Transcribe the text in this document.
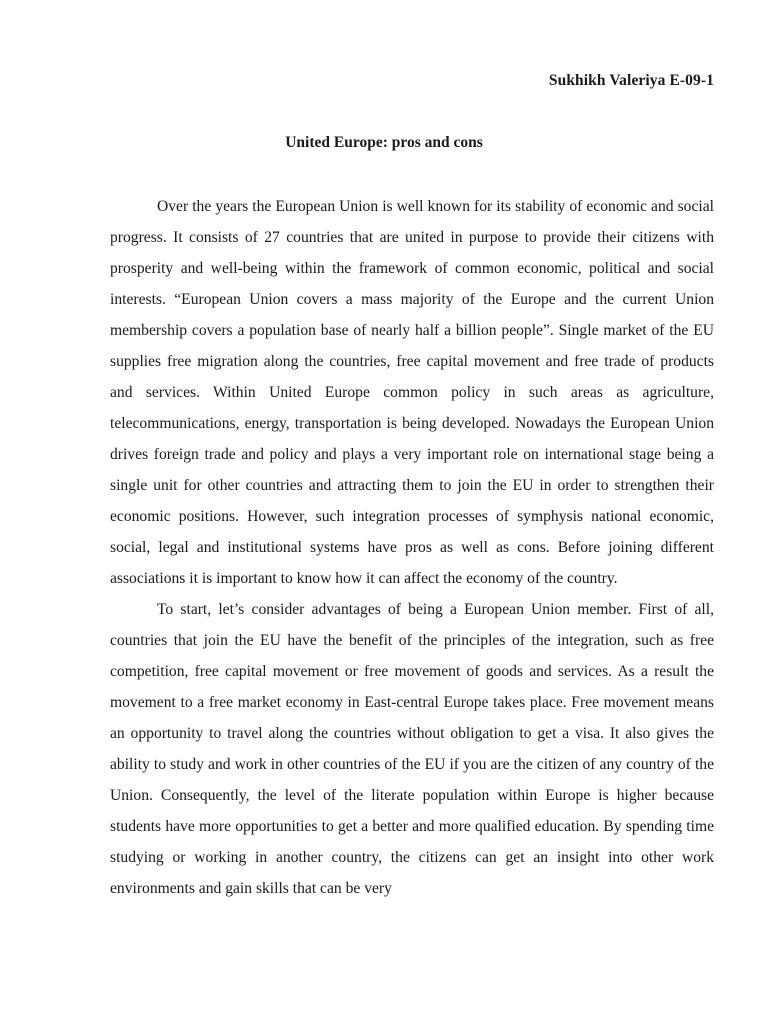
Sukhikh Valeriya E-09-1
United Europe: pros and cons

Over the years the European Union is well known for its stability of economic and social progress. It consists of 27 countries that are united in purpose to provide their citizens with prosperity and well-being within the framework of common economic, political and social interests. “European Union covers a mass majority of the Europe and the current Union membership covers a population base of nearly half a billion people”. Single market of the EU supplies free migration along the countries, free capital movement and free trade of products and services. Within United Europe common policy in such areas as agriculture, telecommunications, energy, transportation is being developed. Nowadays the European Union drives foreign trade and policy and plays a very important role on international stage being a single unit for other countries and attracting them to join the EU in order to strengthen their economic positions. However, such integration processes of symphysis national economic, social, legal and institutional systems have pros as well as cons. Before joining different associations it is important to know how it can affect the economy of the country.

To start, let’s consider advantages of being a European Union member. First of all, countries that join the EU have the benefit of the principles of the integration, such as free competition, free capital movement or free movement of goods and services. As a result the movement to a free market economy in East-central Europe takes place. Free movement means an opportunity to travel along the countries without obligation to get a visa. It also gives the ability to study and work in other countries of the EU if you are the citizen of any country of the Union. Consequently, the level of the literate population within Europe is higher because students have more opportunities to get a better and more qualified education. By spending time studying or working in another country, the citizens can get an insight into other work environments and gain skills that can be very
